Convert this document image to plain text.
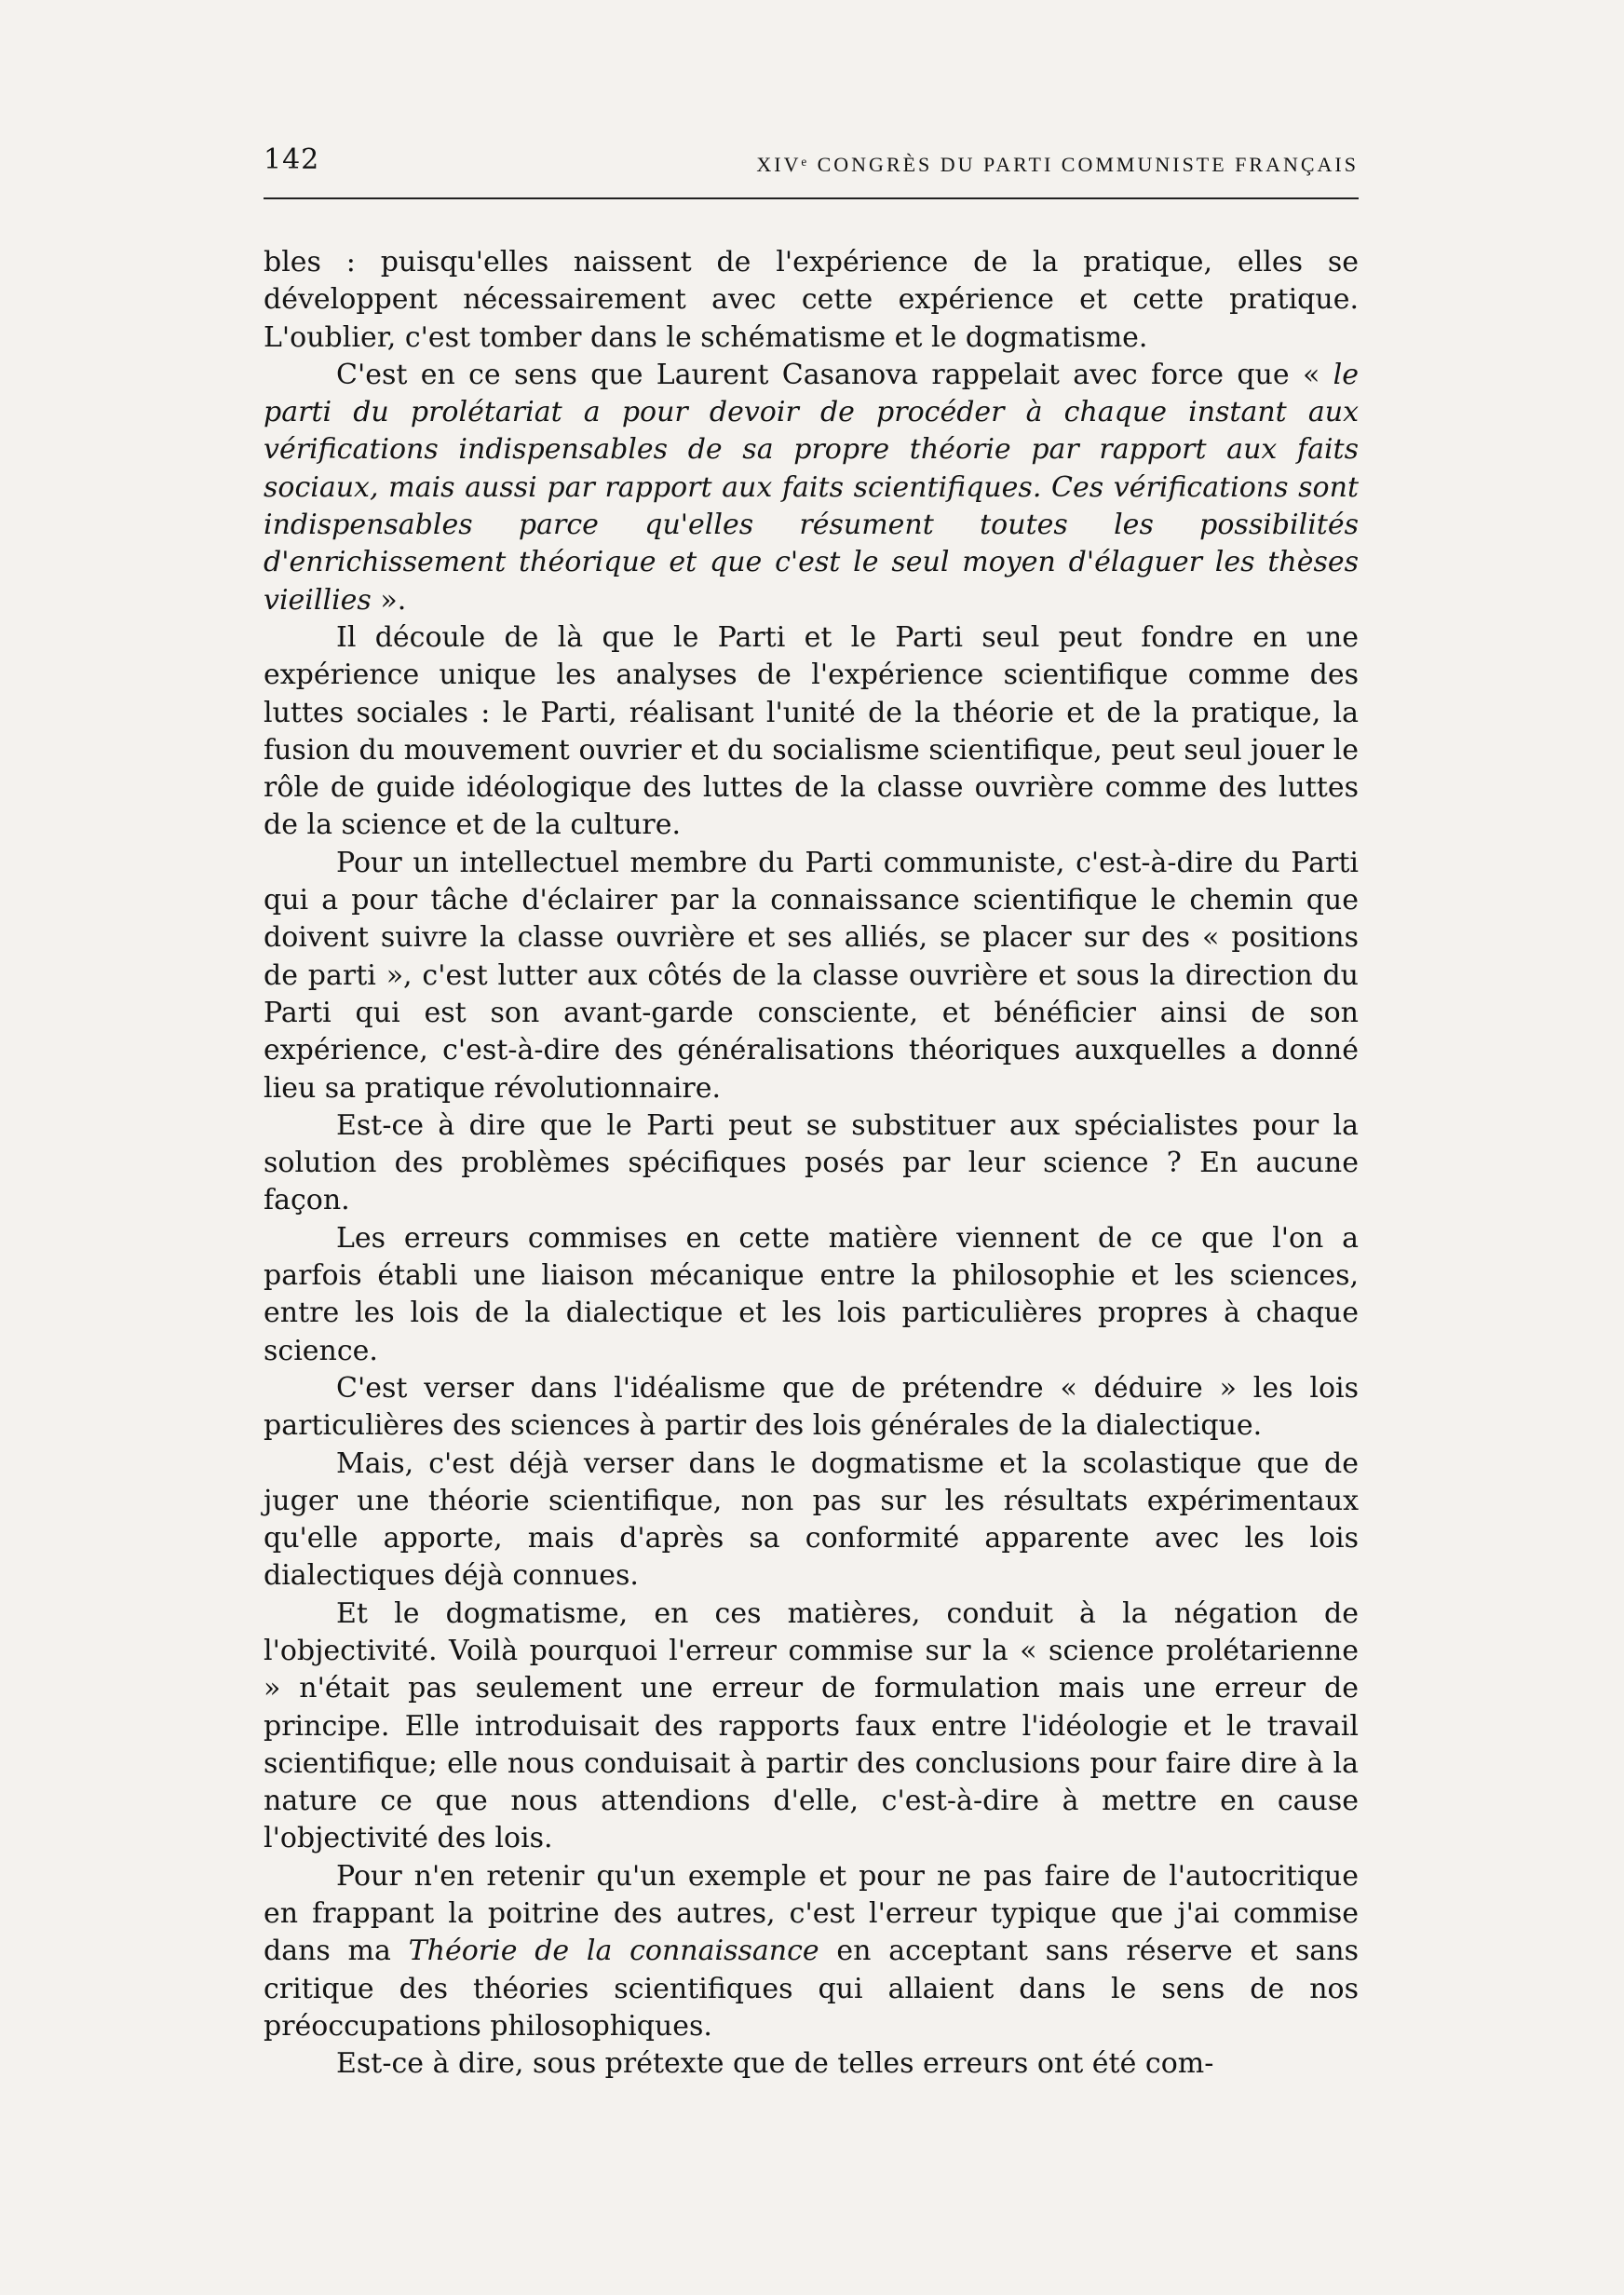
142	XIVᵉ CONGRÈS DU PARTI COMMUNISTE FRANÇAIS

bles : puisqu'elles naissent de l'expérience de la pratique, elles se développent nécessairement avec cette expérience et cette pratique. L'oublier, c'est tomber dans le schématisme et le dogmatisme.

C'est en ce sens que Laurent Casanova rappelait avec force que « le parti du prolétariat a pour devoir de procéder à chaque instant aux vérifications indispensables de sa propre théorie par rapport aux faits sociaux, mais aussi par rapport aux faits scientifiques. Ces vérifications sont indispensables parce qu'elles résument toutes les possibilités d'enrichissement théorique et que c'est le seul moyen d'élaguer les thèses vieillies ».

Il découle de là que le Parti et le Parti seul peut fondre en une expérience unique les analyses de l'expérience scientifique comme des luttes sociales : le Parti, réalisant l'unité de la théorie et de la pratique, la fusion du mouvement ouvrier et du socialisme scientifique, peut seul jouer le rôle de guide idéologique des luttes de la classe ouvrière comme des luttes de la science et de la culture.

Pour un intellectuel membre du Parti communiste, c'est-à-dire du Parti qui a pour tâche d'éclairer par la connaissance scientifique le chemin que doivent suivre la classe ouvrière et ses alliés, se placer sur des « positions de parti », c'est lutter aux côtés de la classe ouvrière et sous la direction du Parti qui est son avant-garde consciente, et bénéficier ainsi de son expérience, c'est-à-dire des généralisations théoriques auxquelles a donné lieu sa pratique révolutionnaire.

Est-ce à dire que le Parti peut se substituer aux spécialistes pour la solution des problèmes spécifiques posés par leur science ? En aucune façon.

Les erreurs commises en cette matière viennent de ce que l'on a parfois établi une liaison mécanique entre la philosophie et les sciences, entre les lois de la dialectique et les lois particulières propres à chaque science.

C'est verser dans l'idéalisme que de prétendre « déduire » les lois particulières des sciences à partir des lois générales de la dialectique.

Mais, c'est déjà verser dans le dogmatisme et la scolastique que de juger une théorie scientifique, non pas sur les résultats expérimentaux qu'elle apporte, mais d'après sa conformité apparente avec les lois dialectiques déjà connues.

Et le dogmatisme, en ces matières, conduit à la négation de l'objectivité. Voilà pourquoi l'erreur commise sur la « science prolétarienne » n'était pas seulement une erreur de formulation mais une erreur de principe. Elle introduisait des rapports faux entre l'idéologie et le travail scientifique; elle nous conduisait à partir des conclusions pour faire dire à la nature ce que nous attendions d'elle, c'est-à-dire à mettre en cause l'objectivité des lois.

Pour n'en retenir qu'un exemple et pour ne pas faire de l'autocritique en frappant la poitrine des autres, c'est l'erreur typique que j'ai commise dans ma Théorie de la connaissance en acceptant sans réserve et sans critique des théories scientifiques qui allaient dans le sens de nos préoccupations philosophiques.

Est-ce à dire, sous prétexte que de telles erreurs ont été com-
